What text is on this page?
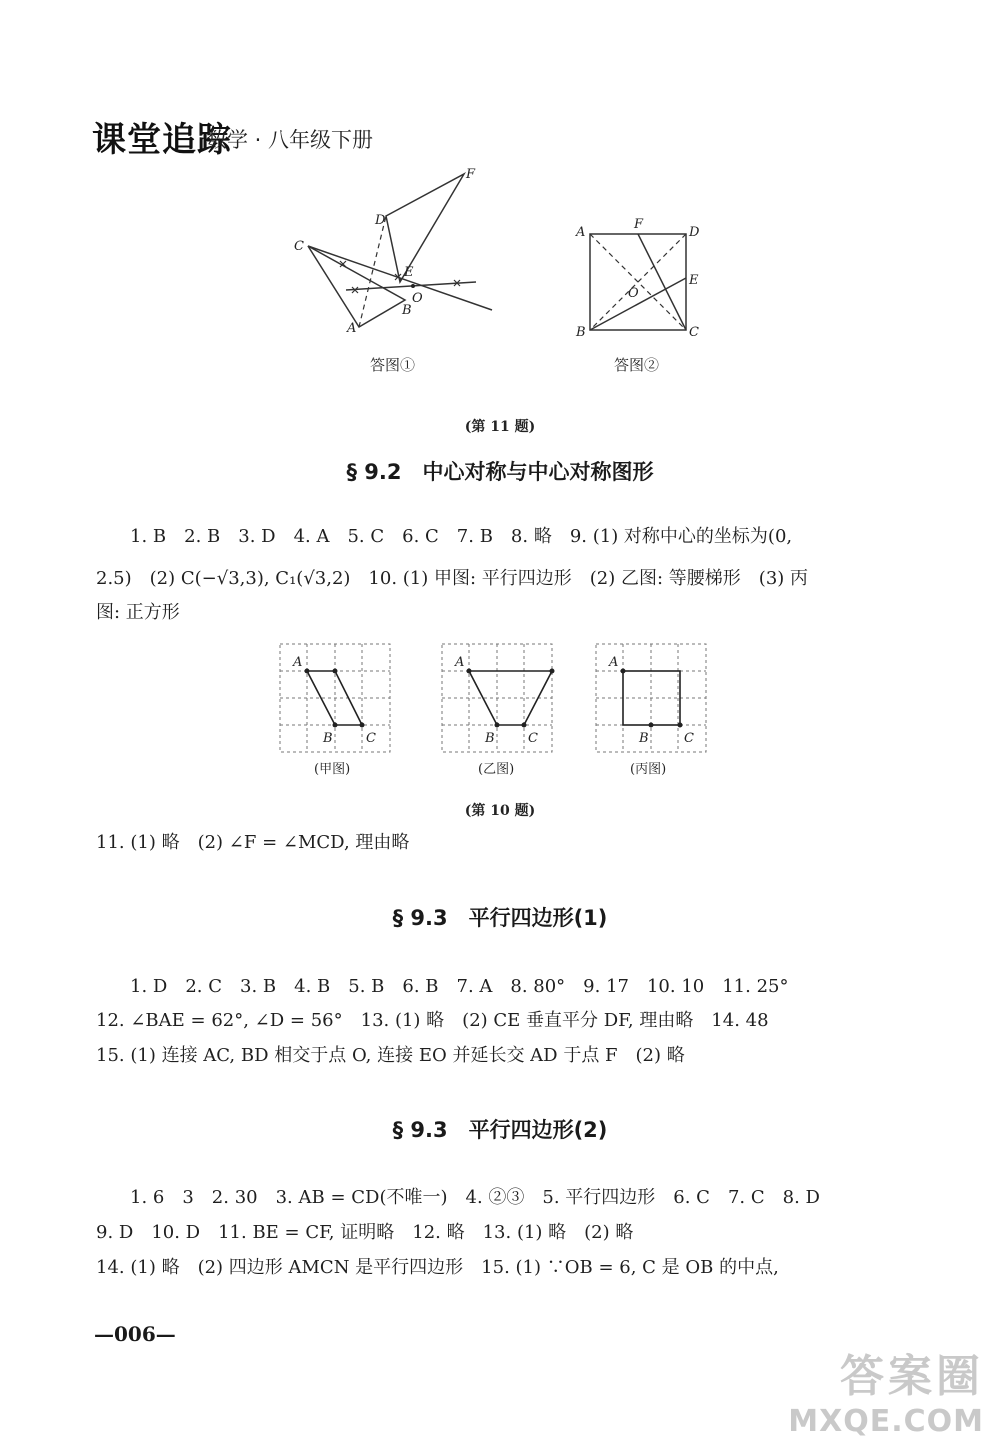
课堂追踪
数学 · 八年级下册
F
D
C
E
O
A
B
A
F
D
E
O
B	C
答图①	答图②
(第 11 题)
§ 9.2　中心对称与中心对称图形
1. B　2. B　3. D　4. A　5. C　6. C　7. B　8. 略　9. (1) 对称中心的坐标为(0,
2.5)　(2) C(−√3,3), C₁(√3,2)　10. (1) 甲图: 平行四边形　(2) 乙图: 等腰梯形　(3) 丙
图: 正方形
A
B	C
A
B	C
A
B	C
(甲图)	(乙图)	(丙图)
(第 10 题)
11. (1) 略　(2) ∠F = ∠MCD, 理由略
§ 9.3　平行四边形(1)
1. D　2. C　3. B　4. B　5. B　6. B　7. A　8. 80°　9. 17　10. 10　11. 25°
12. ∠BAE = 62°, ∠D = 56°　13. (1) 略　(2) CE 垂直平分 DF, 理由略　14. 48
15. (1) 连接 AC, BD 相交于点 O, 连接 EO 并延长交 AD 于点 F　(2) 略
§ 9.3　平行四边形(2)
1. 6　3　2. 30　3. AB = CD(不唯一)　4. ②③　5. 平行四边形　6. C　7. C　8. D
9. D　10. D　11. BE = CF, 证明略　12. 略　13. (1) 略　(2) 略
14. (1) 略　(2) 四边形 AMCN 是平行四边形　15. (1) ∵OB = 6, C 是 OB 的中点,
—006—
答案圈
MXQE.COM
